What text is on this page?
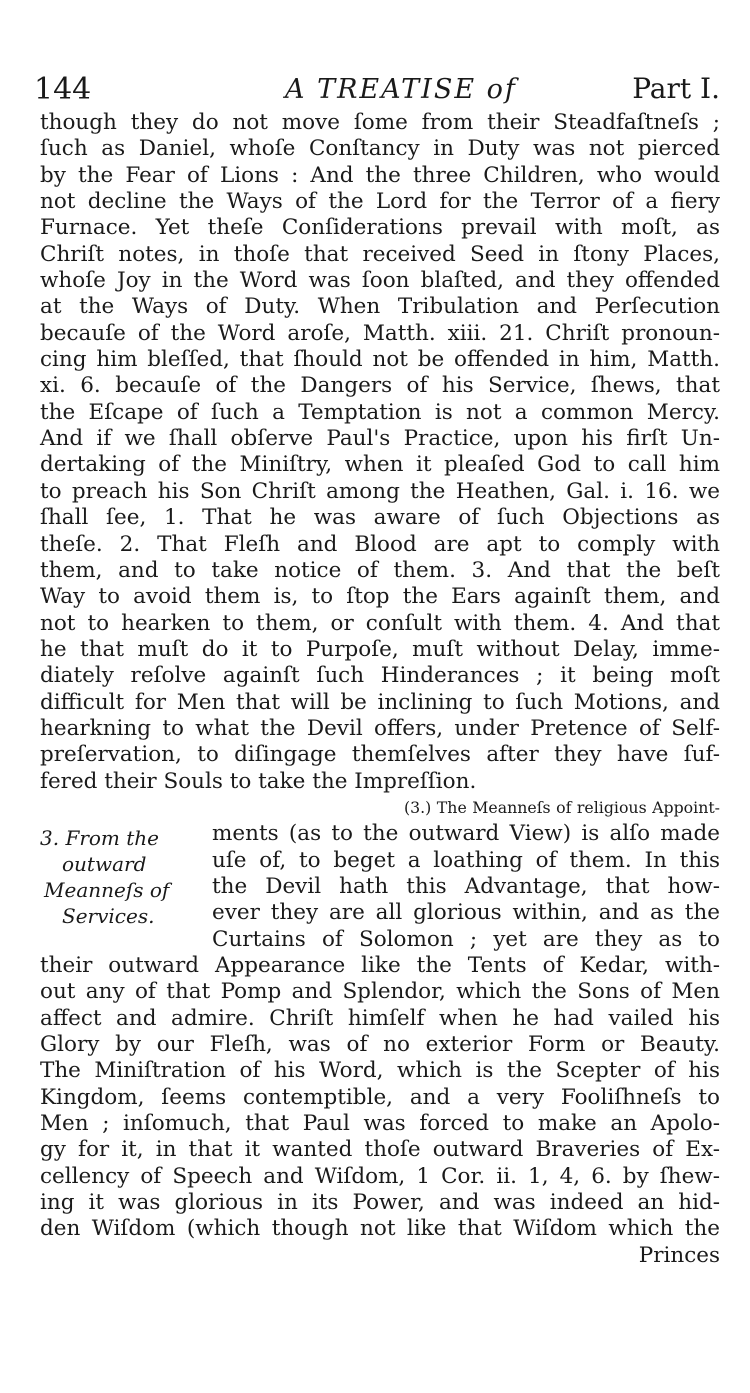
144	A TREATISE of	Part I.
though they do not move ſome from their Steadfaſtneſs ;
ſuch as Daniel, whoſe Conſtancy in Duty was not pierced
by the Fear of Lions : And the three Children, who would
not decline the Ways of the Lord for the Terror of a fiery
Furnace. Yet theſe Conſiderations prevail with moſt, as
Chriſt notes, in thoſe that received Seed in ſtony Places,
whoſe Joy in the Word was ſoon blaſted, and they offended
at the Ways of Duty. When Tribulation and Perſecution
becauſe of the Word aroſe, Matth. xiii. 21. Chriſt pronoun-
cing him bleſſed, that ſhould not be offended in him, Matth.
xi. 6. becauſe of the Dangers of his Service, ſhews, that
the Eſcape of ſuch a Temptation is not a common Mercy.
And if we ſhall obſerve Paul's Practice, upon his firſt Un-
dertaking of the Miniſtry, when it pleaſed God to call him
to preach his Son Chriſt among the Heathen, Gal. i. 16. we
ſhall ſee, 1. That he was aware of ſuch Objections as
theſe. 2. That Fleſh and Blood are apt to comply with
them, and to take notice of them. 3. And that the beſt
Way to avoid them is, to ſtop the Ears againſt them, and
not to hearken to them, or conſult with them. 4. And that
he that muſt do it to Purpoſe, muſt without Delay, imme-
diately reſolve againſt ſuch Hinderances ; it being moſt
difficult for Men that will be inclining to ſuch Motions, and
hearkning to what the Devil offers, under Pretence of Self-
preſervation, to diſingage themſelves after they have ſuf-
fered their Souls to take the Impreſſion.
(3.) The Meanneſs of religious Appoint-
ments (as to the outward View) is alſo made
uſe of, to beget a loathing of them. In this
the Devil hath this Advantage, that how-
ever they are all glorious within, and as the
Curtains of Solomon ; yet are they as to
their outward Appearance like the Tents of Kedar, with-
out any of that Pomp and Splendor, which the Sons of Men
affect and admire. Chriſt himſelf when he had vailed his
Glory by our Fleſh, was of no exterior Form or Beauty.
The Miniſtration of his Word, which is the Scepter of his
Kingdom, ſeems contemptible, and a very Fooliſhneſs to
Men ; inſomuch, that Paul was forced to make an Apolo-
gy for it, in that it wanted thoſe outward Braveries of Ex-
cellency of Speech and Wiſdom, 1 Cor. ii. 1, 4, 6. by ſhew-
ing it was glorious in its Power, and was indeed an hid-
den Wiſdom (which though not like that Wiſdom which the
Princes
3. From the
outward
Meanneſs of
Services.
